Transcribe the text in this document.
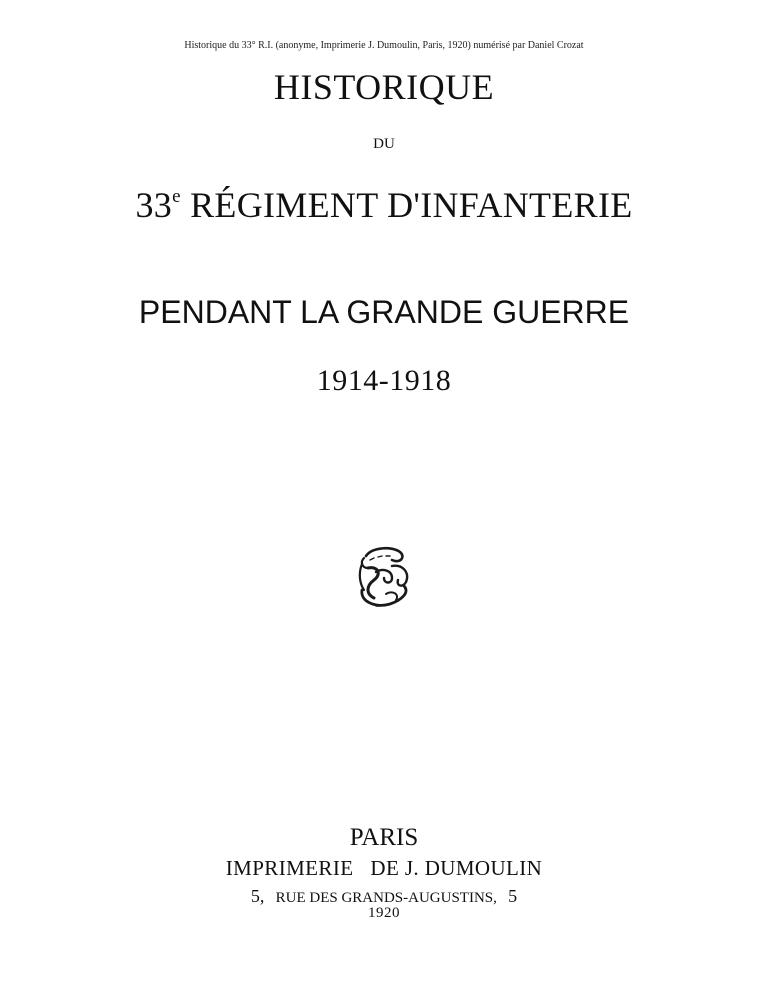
Historique du 33° R.I. (anonyme, Imprimerie J. Dumoulin, Paris, 1920) numérisé par Daniel Crozat
HISTORIQUE
DU
33e RÉGIMENT D'INFANTERIE
PENDANT LA GRANDE GUERRE
1914-1918
PARIS
IMPRIMERIE   DE J. DUMOULIN
5, RUE DES GRANDS-AUGUSTINS, 5
1920
